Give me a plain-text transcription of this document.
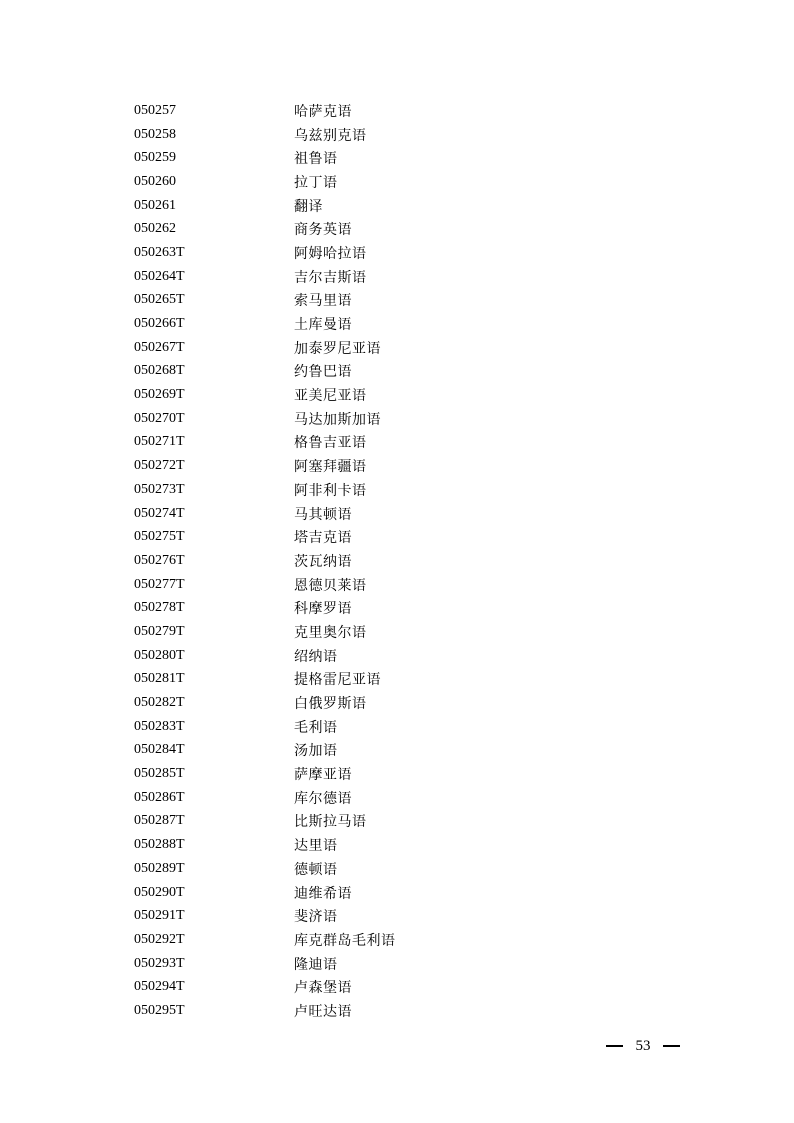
050257	哈萨克语
050258	乌兹别克语
050259	祖鲁语
050260	拉丁语
050261	翻译
050262	商务英语
050263T	阿姆哈拉语
050264T	吉尔吉斯语
050265T	索马里语
050266T	土库曼语
050267T	加泰罗尼亚语
050268T	约鲁巴语
050269T	亚美尼亚语
050270T	马达加斯加语
050271T	格鲁吉亚语
050272T	阿塞拜疆语
050273T	阿非利卡语
050274T	马其顿语
050275T	塔吉克语
050276T	茨瓦纳语
050277T	恩德贝莱语
050278T	科摩罗语
050279T	克里奥尔语
050280T	绍纳语
050281T	提格雷尼亚语
050282T	白俄罗斯语
050283T	毛利语
050284T	汤加语
050285T	萨摩亚语
050286T	库尔德语
050287T	比斯拉马语
050288T	达里语
050289T	德顿语
050290T	迪维希语
050291T	斐济语
050292T	库克群岛毛利语
050293T	隆迪语
050294T	卢森堡语
050295T	卢旺达语
53
